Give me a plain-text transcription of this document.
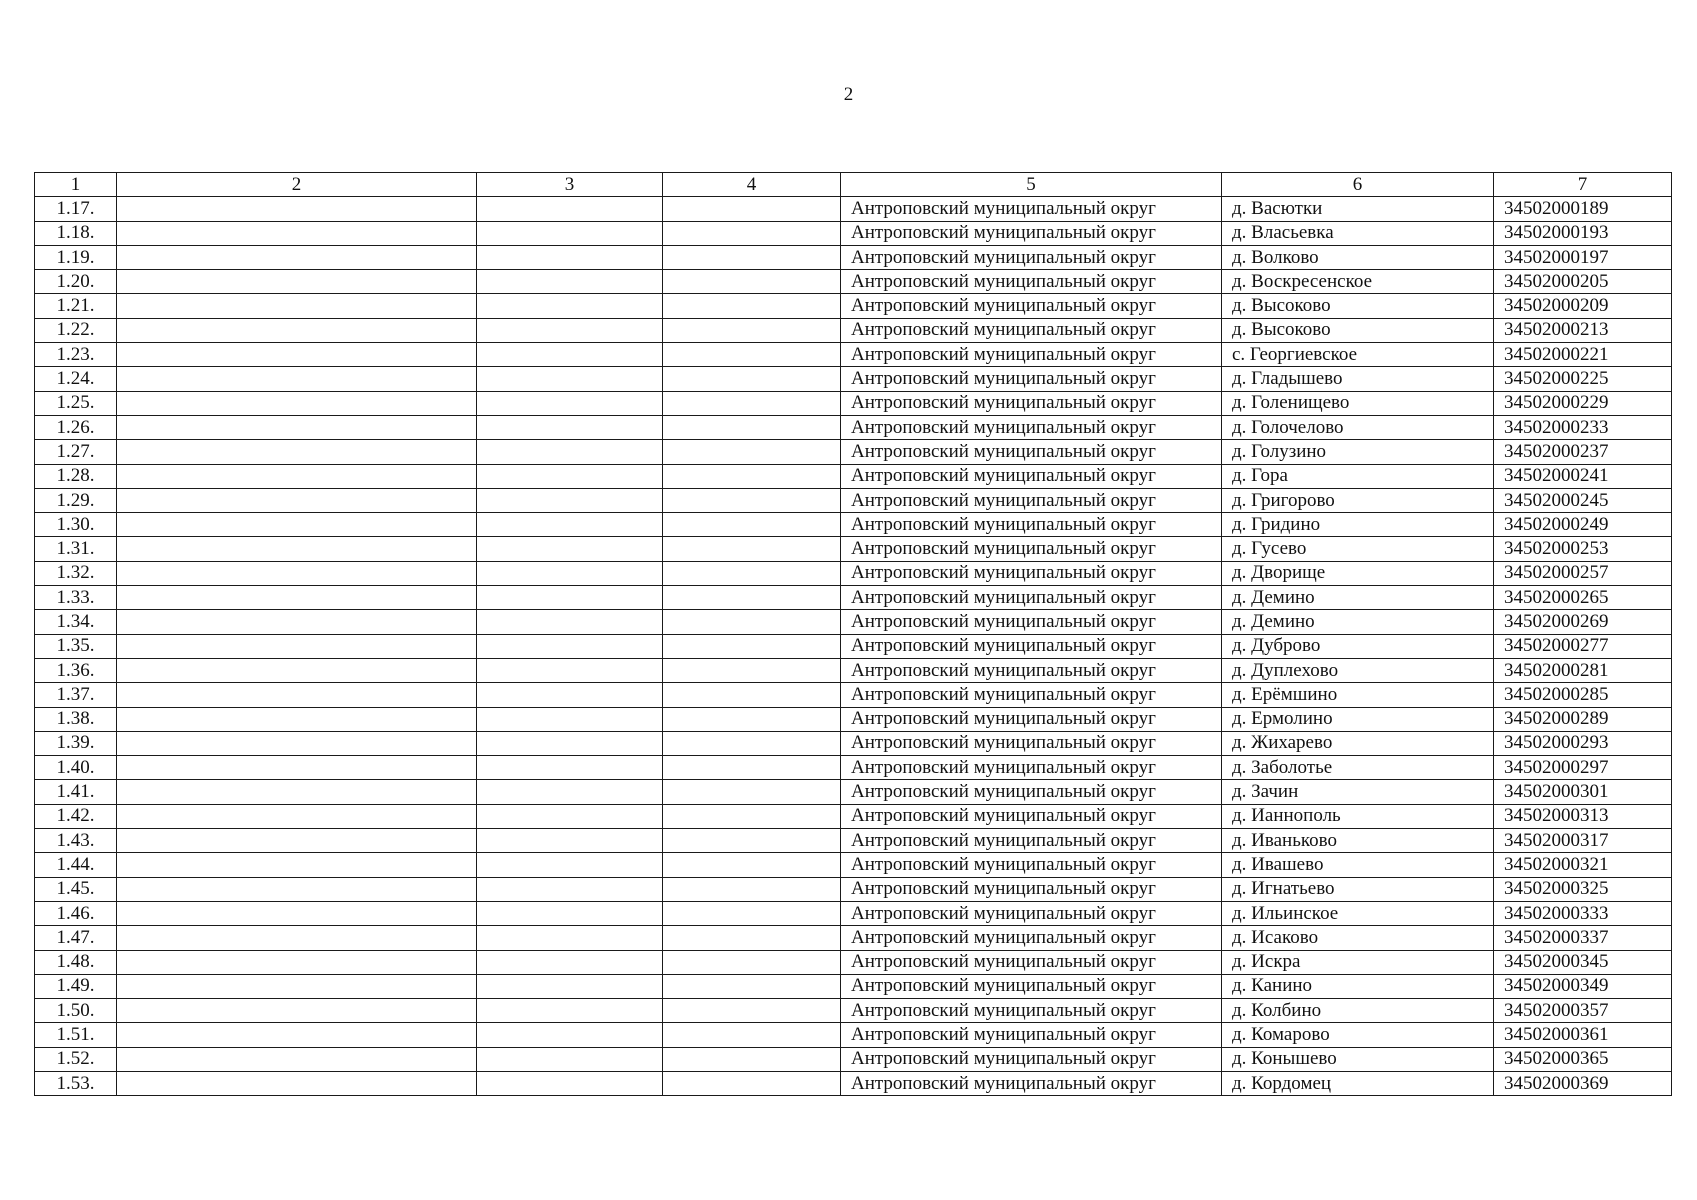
2
1	2	3	4	5	6	7
1.17.				Антроповский муниципальный округ	д. Васютки	34502000189
1.18.				Антроповский муниципальный округ	д. Власьевка	34502000193
1.19.				Антроповский муниципальный округ	д. Волково	34502000197
1.20.				Антроповский муниципальный округ	д. Воскресенское	34502000205
1.21.				Антроповский муниципальный округ	д. Высоково	34502000209
1.22.				Антроповский муниципальный округ	д. Высоково	34502000213
1.23.				Антроповский муниципальный округ	с. Георгиевское	34502000221
1.24.				Антроповский муниципальный округ	д. Гладышево	34502000225
1.25.				Антроповский муниципальный округ	д. Голенищево	34502000229
1.26.				Антроповский муниципальный округ	д. Голочелово	34502000233
1.27.				Антроповский муниципальный округ	д. Голузино	34502000237
1.28.				Антроповский муниципальный округ	д. Гора	34502000241
1.29.				Антроповский муниципальный округ	д. Григорово	34502000245
1.30.				Антроповский муниципальный округ	д. Гридино	34502000249
1.31.				Антроповский муниципальный округ	д. Гусево	34502000253
1.32.				Антроповский муниципальный округ	д. Дворище	34502000257
1.33.				Антроповский муниципальный округ	д. Демино	34502000265
1.34.				Антроповский муниципальный округ	д. Демино	34502000269
1.35.				Антроповский муниципальный округ	д. Дуброво	34502000277
1.36.				Антроповский муниципальный округ	д. Дуплехово	34502000281
1.37.				Антроповский муниципальный округ	д. Ерёмшино	34502000285
1.38.				Антроповский муниципальный округ	д. Ермолино	34502000289
1.39.				Антроповский муниципальный округ	д. Жихарево	34502000293
1.40.				Антроповский муниципальный округ	д. Заболотье	34502000297
1.41.				Антроповский муниципальный округ	д. Зачин	34502000301
1.42.				Антроповский муниципальный округ	д. Ианнополь	34502000313
1.43.				Антроповский муниципальный округ	д. Иваньково	34502000317
1.44.				Антроповский муниципальный округ	д. Ивашево	34502000321
1.45.				Антроповский муниципальный округ	д. Игнатьево	34502000325
1.46.				Антроповский муниципальный округ	д. Ильинское	34502000333
1.47.				Антроповский муниципальный округ	д. Исаково	34502000337
1.48.				Антроповский муниципальный округ	д. Искра	34502000345
1.49.				Антроповский муниципальный округ	д. Канино	34502000349
1.50.				Антроповский муниципальный округ	д. Колбино	34502000357
1.51.				Антроповский муниципальный округ	д. Комарово	34502000361
1.52.				Антроповский муниципальный округ	д. Конышево	34502000365
1.53.				Антроповский муниципальный округ	д. Кордомец	34502000369
